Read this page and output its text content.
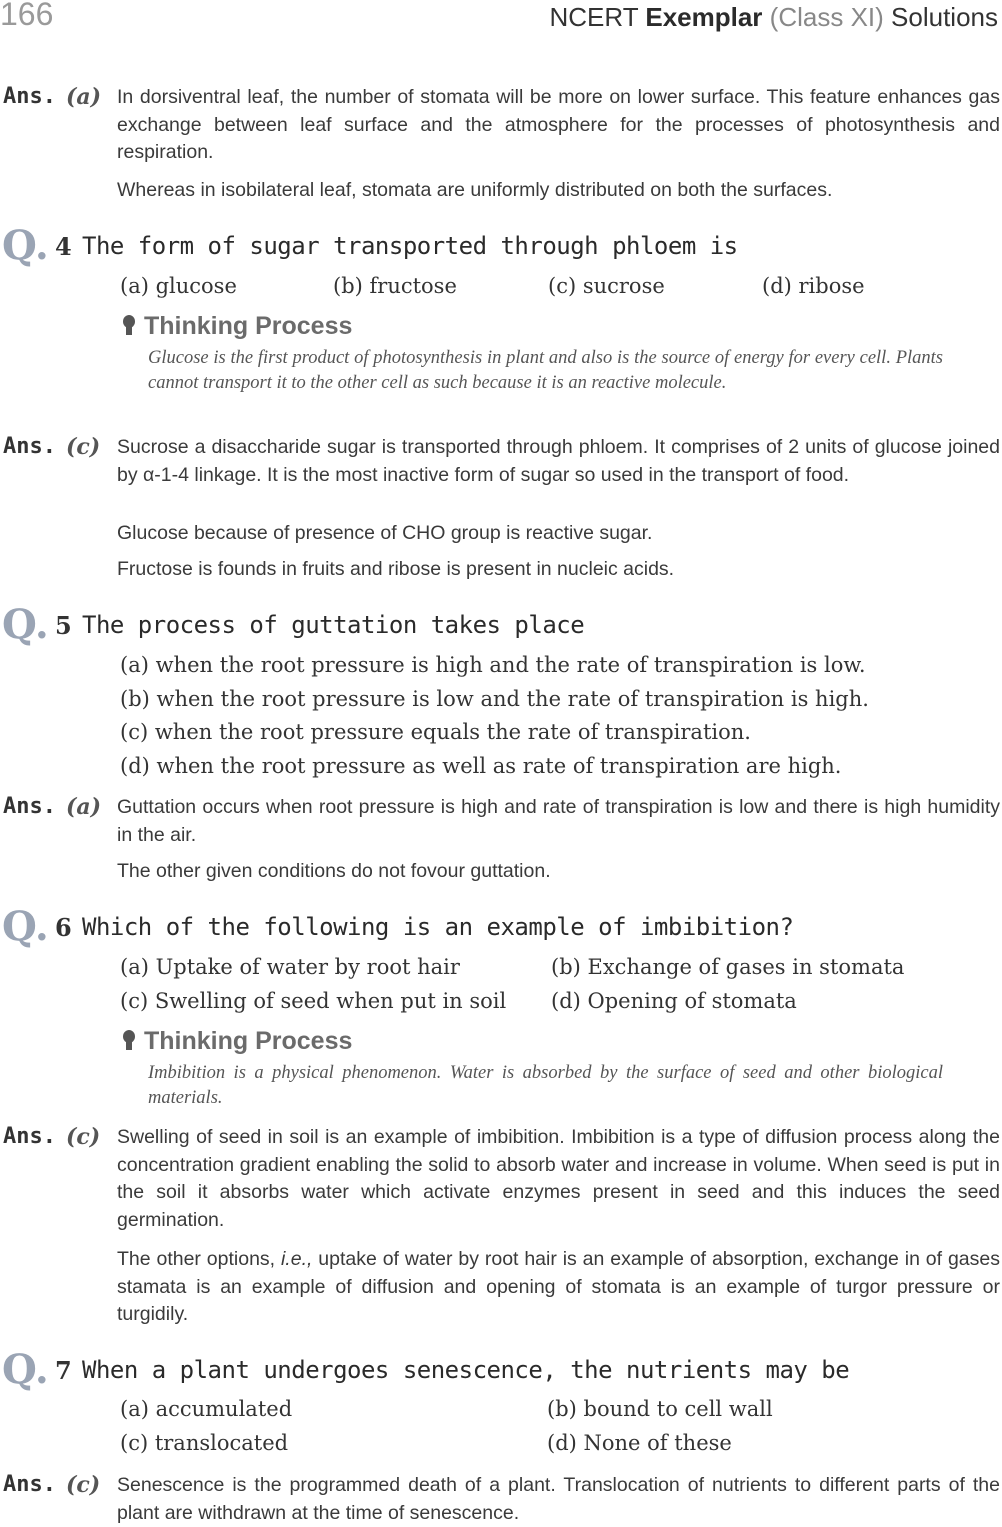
166	NCERT Exemplar (Class XI) Solutions
Ans. (a) In dorsiventral leaf, the number of stomata will be more on lower surface. This feature enhances gas exchange between leaf surface and the atmosphere for the processes of photosynthesis and respiration.
Whereas in isobilateral leaf, stomata are uniformly distributed on both the surfaces.
Q. 4 The form of sugar transported through phloem is
(a) glucose	(b) fructose	(c) sucrose	(d) ribose
Thinking Process
Glucose is the first product of photosynthesis in plant and also is the source of energy for every cell. Plants cannot transport it to the other cell as such because it is an reactive molecule.
Ans. (c) Sucrose a disaccharide sugar is transported through phloem. It comprises of 2 units of glucose joined by α-1-4 linkage. It is the most inactive form of sugar so used in the transport of food.
Glucose because of presence of CHO group is reactive sugar.
Fructose is founds in fruits and ribose is present in nucleic acids.
Q. 5 The process of guttation takes place
(a) when the root pressure is high and the rate of transpiration is low.
(b) when the root pressure is low and the rate of transpiration is high.
(c) when the root pressure equals the rate of transpiration.
(d) when the root pressure as well as rate of transpiration are high.
Ans. (a) Guttation occurs when root pressure is high and rate of transpiration is low and there is high humidity in the air.
The other given conditions do not fovour guttation.
Q. 6 Which of the following is an example of imbibition?
(a) Uptake of water by root hair	(b) Exchange of gases in stomata
(c) Swelling of seed when put in soil (d) Opening of stomata
Thinking Process
Imbibition is a physical phenomenon. Water is absorbed by the surface of seed and other biological materials.
Ans. (c) Swelling of seed in soil is an example of imbibition. Imbibition is a type of diffusion process along the concentration gradient enabling the solid to absorb water and increase in volume. When seed is put in the soil it absorbs water which activate enzymes present in seed and this induces the seed germination.
The other options, i.e., uptake of water by root hair is an example of absorption, exchange in of gases stamata is an example of diffusion and opening of stomata is an example of turgor pressure or turgidily.
Q. 7 When a plant undergoes senescence, the nutrients may be
(a) accumulated	(b) bound to cell wall
(c) translocated	(d) None of these
Ans. (c) Senescence is the programmed death of a plant. Translocation of nutrients to different parts of the plant are withdrawn at the time of senescence.
